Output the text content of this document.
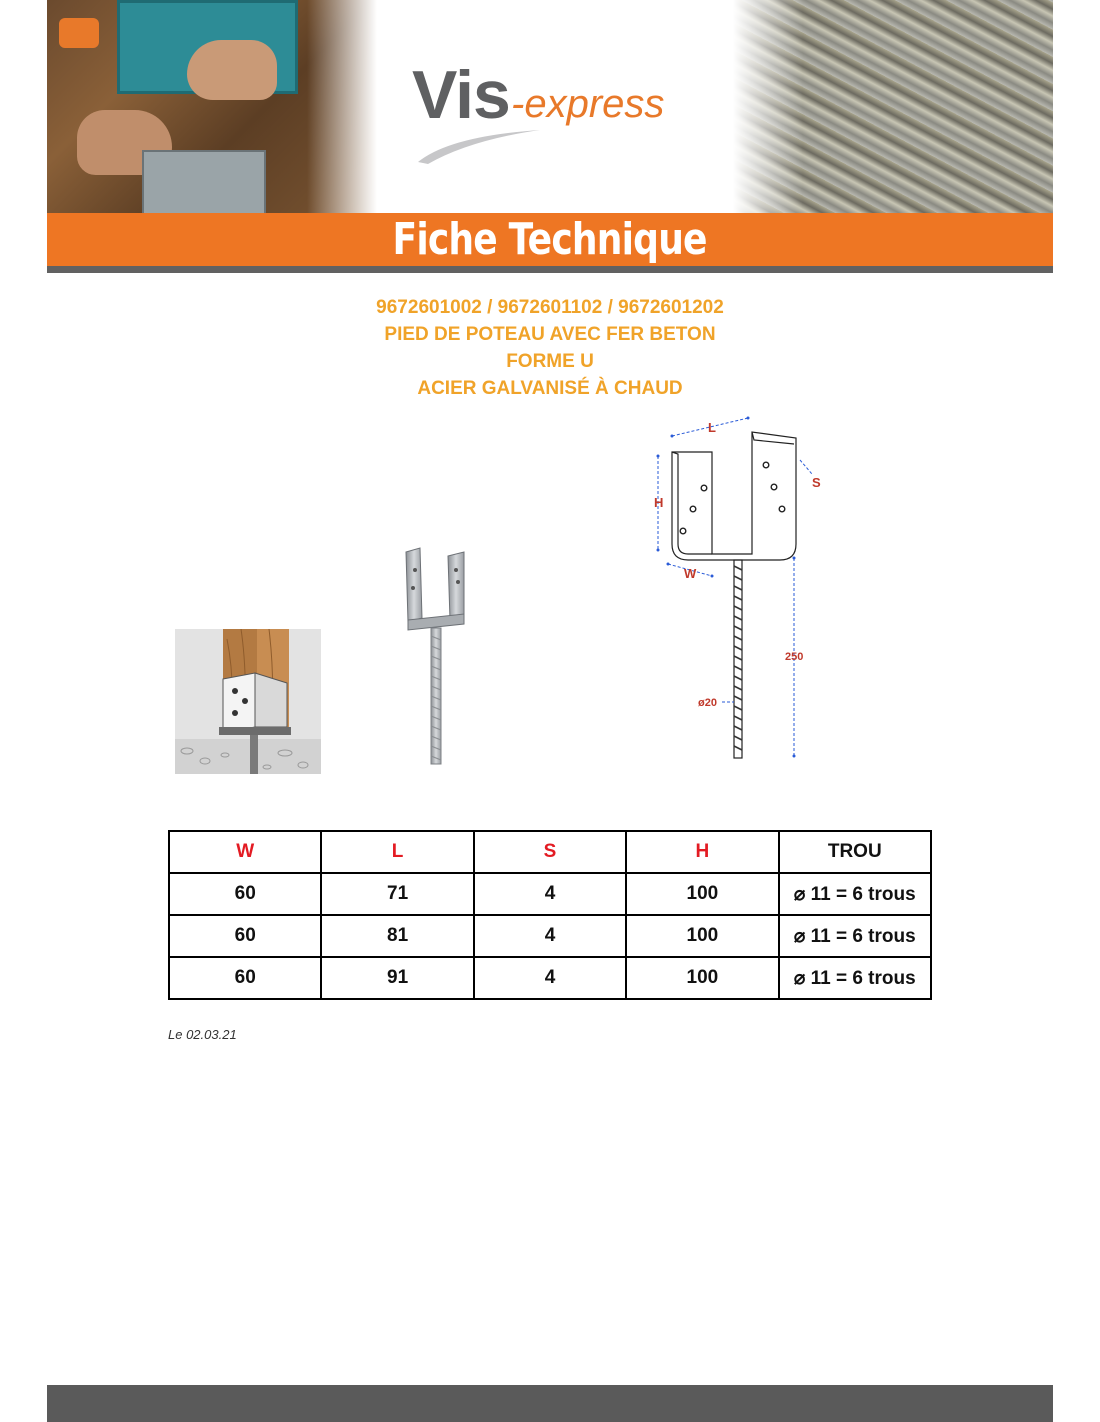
Vis -express
Fiche Technique
9672601002 / 9672601102 / 9672601202
PIED DE POTEAU AVEC FER BETON
FORME U
ACIER GALVANISÉ À CHAUD
L
H
S
W
250
ø20
W	L	S	H	TROU
60	71	4	100	⌀ 11 = 6 trous
60	81	4	100	⌀ 11 = 6 trous
60	91	4	100	⌀ 11 = 6 trous
Le 02.03.21
